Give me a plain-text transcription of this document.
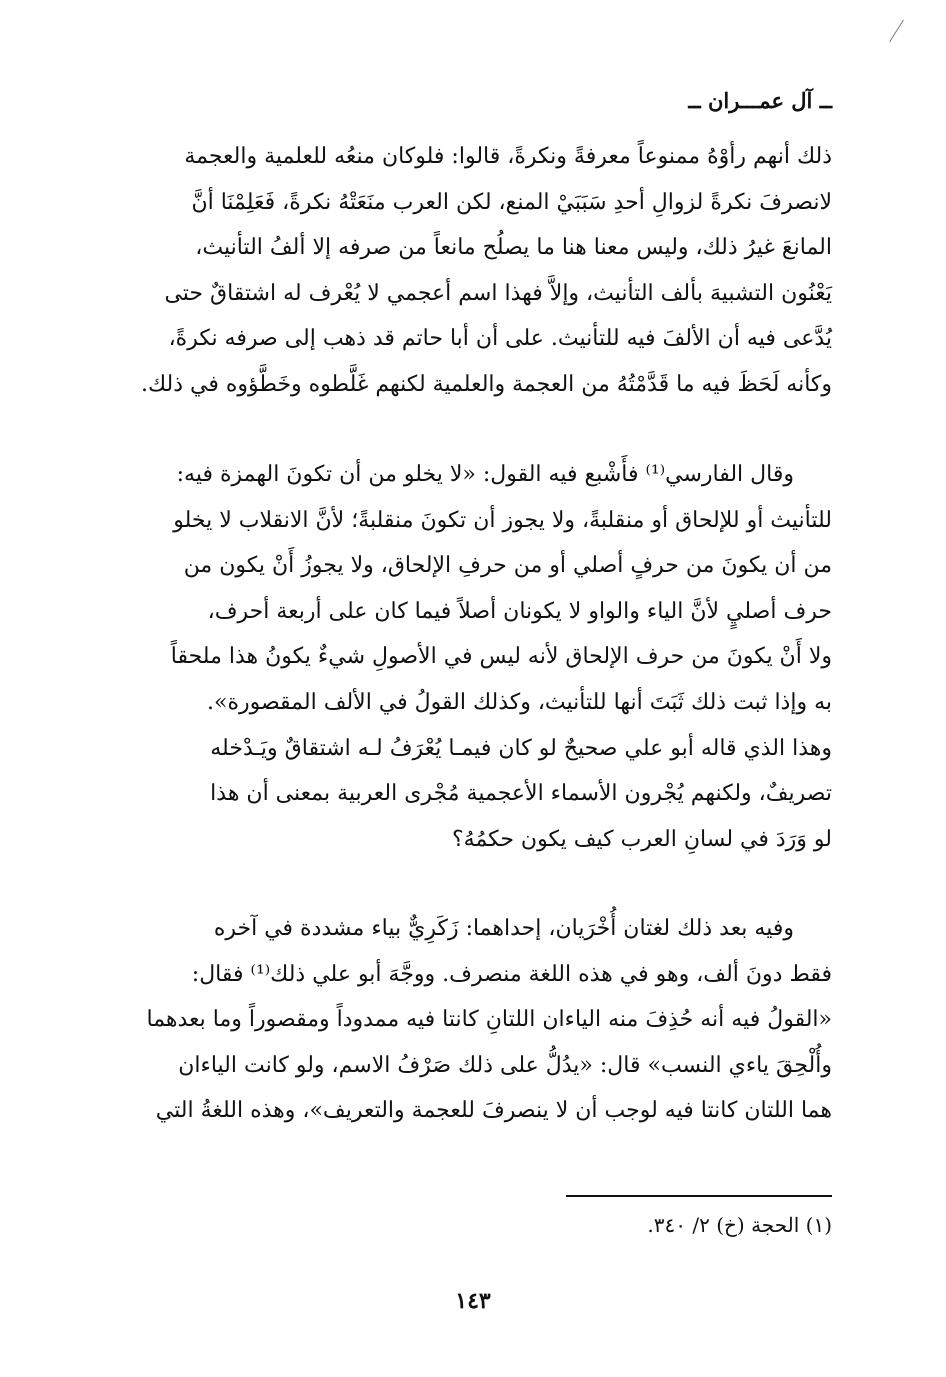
ــ آل عمـــران ــ
ذلك أنهم رأوْهُ ممنوعاً معرفةً ونكرةً، قالوا: فلوكان منعُه للعلمية والعجمة
لانصرفَ نكرةً لزوالِ أحدِ سَبَبَيْ المنع، لكن العرب منَعَتْهُ نكرةً، فَعَلِمْنَا أنَّ
المانعَ غيرُ ذلك، وليس معنا هنا ما يصلُح مانعاً من صرفه إلا ألفُ التأنيث،
يَعْنُون التشبيهَ بألف التأنيث، وإلاَّ فهذا اسم أعجمي لا يُعْرف له اشتقاقٌ حتى
يُدَّعى فيه أن الألفَ فيه للتأنيث. على أن أبا حاتم قد ذهب إلى صرفه نكرةً،
وكأنه لَحَظَ فيه ما قَدَّمْتُهُ من العجمة والعلمية لكنهم غَلَّطوه وخَطَّؤوه في ذلك.
وقال الفارسي⁽¹⁾ فأَشْبع فيه القول: «لا يخلو من أن تكونَ الهمزة فيه:
للتأنيث أو للإلحاق أو منقلبةً، ولا يجوز أن تكونَ منقلبةً؛ لأنَّ الانقلاب لا يخلو
من أن يكونَ من حرفٍ أصلي أو من حرفِ الإلحاق، ولا يجوزُ أَنْ يكون من
حرف أصليٍ لأنَّ الياء والواو لا يكونان أصلاً فيما كان على أربعة أحرف،
ولا أَنْ يكونَ من حرف الإلحاق لأنه ليس في الأصولِ شيءٌ يكونُ هذا ملحقاً
به وإذا ثبت ذلك ثَبَتَ أنها للتأنيث، وكذلك القولُ في الألف المقصورة».
وهذا الذي قاله أبو علي صحيحٌ لو كان فيمـا يُعْرَفُ لـه اشتقاقٌ ويَـدْخله
تصريفٌ، ولكنهم يُجْرون الأسماء الأعجمية مُجْرى العربية بمعنى أن هذا
لو وَرَدَ في لسانِ العرب كيف يكون حكمُهُ؟
وفيه بعد ذلك لغتان أُخْرَيان، إحداهما: زَكَرِيٌّ بياء مشددة في آخره
فقط دونَ ألف، وهو في هذه اللغة منصرف. ووجَّهَ أبو علي ذلك⁽¹⁾ فقال:
«القولُ فيه أنه حُذِفَ منه الياءان اللتانِ كانتا فيه ممدوداً ومقصوراً وما بعدهما
وأُلْحِقَ ياءي النسب» قال: «يدُلُّ على ذلك صَرْفُ الاسم، ولو كانت الياءان
هما اللتان كانتا فيه لوجب أن لا ينصرفَ للعجمة والتعريف»، وهذه اللغةُ التي
(١) الحجة (خ) ٢/ ٣٤٠.
١٤٣
